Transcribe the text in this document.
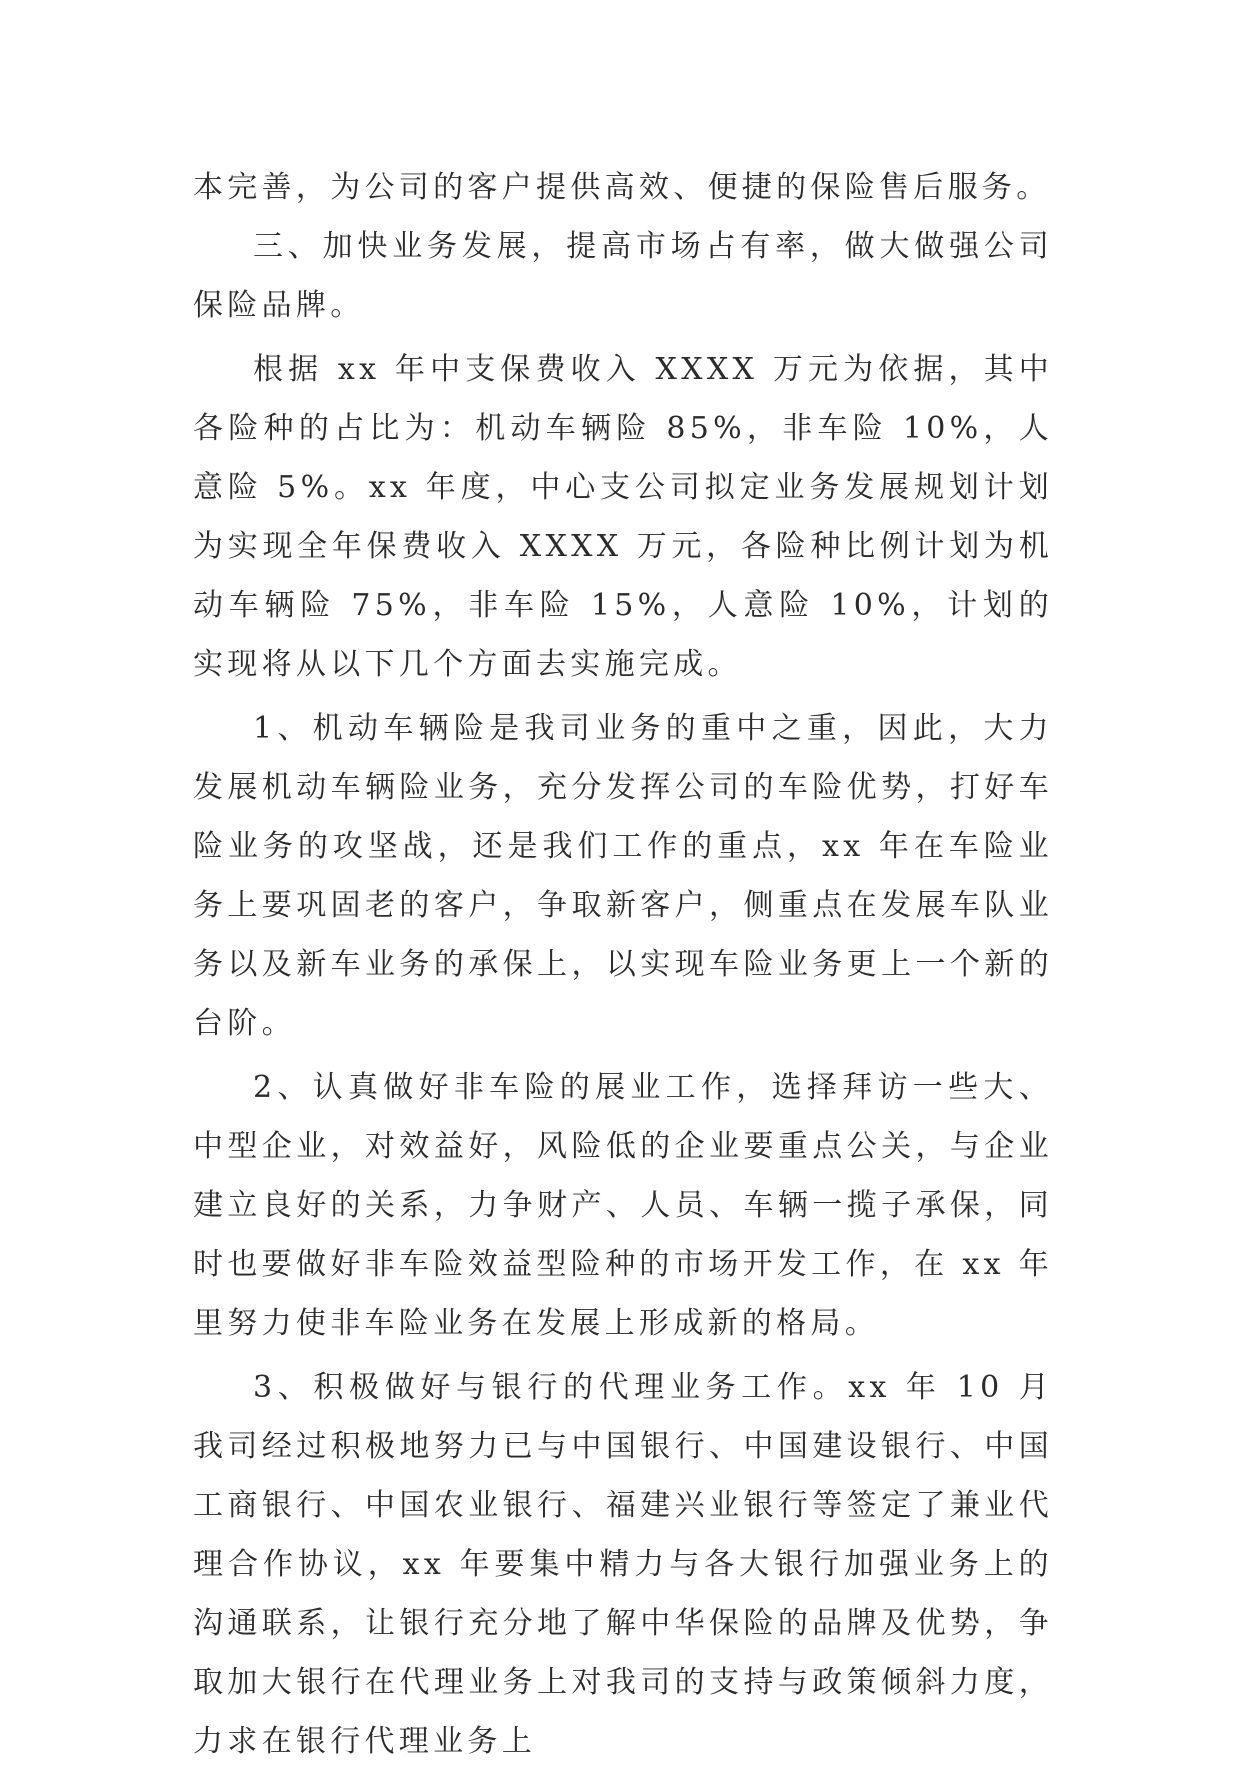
本完善，为公司的客户提供高效、便捷的保险售后服务。

三、加快业务发展，提高市场占有率，做大做强公司保险品牌。

根据 xx 年中支保费收入 XXXX 万元为依据，其中各险种的占比为：机动车辆险 85%，非车险 10%，人意险 5%。xx 年度，中心支公司拟定业务发展规划计划为实现全年保费收入 XXXX 万元，各险种比例计划为机动车辆险 75%，非车险 15%，人意险 10%，计划的实现将从以下几个方面去实施完成。

1、机动车辆险是我司业务的重中之重，因此，大力发展机动车辆险业务，充分发挥公司的车险优势，打好车险业务的攻坚战，还是我们工作的重点，xx 年在车险业务上要巩固老的客户，争取新客户，侧重点在发展车队业务以及新车业务的承保上，以实现车险业务更上一个新的台阶。

2、认真做好非车险的展业工作，选择拜访一些大、中型企业，对效益好，风险低的企业要重点公关，与企业建立良好的关系，力争财产、人员、车辆一揽子承保，同时也要做好非车险效益型险种的市场开发工作，在 xx 年里努力使非车险业务在发展上形成新的格局。

3、积极做好与银行的代理业务工作。xx 年 10 月我司经过积极地努力已与中国银行、中国建设银行、中国工商银行、中国农业银行、福建兴业银行等签定了兼业代理合作协议，xx 年要集中精力与各大银行加强业务上的沟通联系，让银行充分地了解中华保险的品牌及优势，争取加大银行在代理业务上对我司的支持与政策倾斜力度，力求在银行代理业务上
